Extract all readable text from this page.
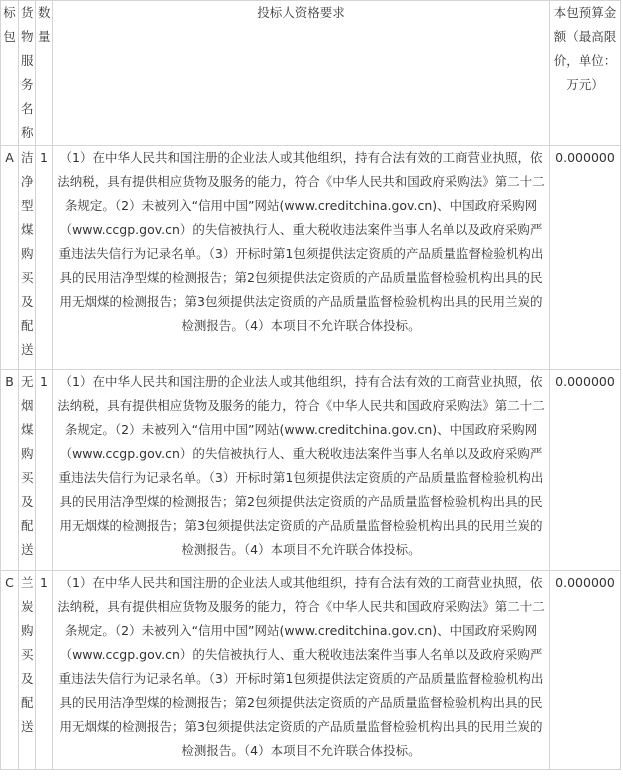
标包	货物服务名称	数量	投标人资格要求	本包预算金额（最高限价，单位：万元）
A	洁净型煤购买及配送	1	（1）在中华人民共和国注册的企业法人或其他组织，持有合法有效的工商营业执照，依法纳税，具有提供相应货物及服务的能力，符合《中华人民共和国政府采购法》第二十二条规定。（2）未被列入“信用中国”网站(www.creditchina.gov.cn)、中国政府采购网（www.ccgp.gov.cn）的失信被执行人、重大税收违法案件当事人名单以及政府采购严重违法失信行为记录名单。（3）开标时第1包须提供法定资质的产品质量监督检验机构出具的民用洁净型煤的检测报告；第2包须提供法定资质的产品质量监督检验机构出具的民用无烟煤的检测报告；第3包须提供法定资质的产品质量监督检验机构出具的民用兰炭的检测报告。（4）本项目不允许联合体投标。	0.000000
B	无烟煤购买及配送	1	（1）在中华人民共和国注册的企业法人或其他组织，持有合法有效的工商营业执照，依法纳税，具有提供相应货物及服务的能力，符合《中华人民共和国政府采购法》第二十二条规定。（2）未被列入“信用中国”网站(www.creditchina.gov.cn)、中国政府采购网（www.ccgp.gov.cn）的失信被执行人、重大税收违法案件当事人名单以及政府采购严重违法失信行为记录名单。（3）开标时第1包须提供法定资质的产品质量监督检验机构出具的民用洁净型煤的检测报告；第2包须提供法定资质的产品质量监督检验机构出具的民用无烟煤的检测报告；第3包须提供法定资质的产品质量监督检验机构出具的民用兰炭的检测报告。（4）本项目不允许联合体投标。	0.000000
C	兰炭购买及配送	1	（1）在中华人民共和国注册的企业法人或其他组织，持有合法有效的工商营业执照，依法纳税，具有提供相应货物及服务的能力，符合《中华人民共和国政府采购法》第二十二条规定。（2）未被列入“信用中国”网站(www.creditchina.gov.cn)、中国政府采购网（www.ccgp.gov.cn）的失信被执行人、重大税收违法案件当事人名单以及政府采购严重违法失信行为记录名单。（3）开标时第1包须提供法定资质的产品质量监督检验机构出具的民用洁净型煤的检测报告；第2包须提供法定资质的产品质量监督检验机构出具的民用无烟煤的检测报告；第3包须提供法定资质的产品质量监督检验机构出具的民用兰炭的检测报告。（4）本项目不允许联合体投标。	0.000000
